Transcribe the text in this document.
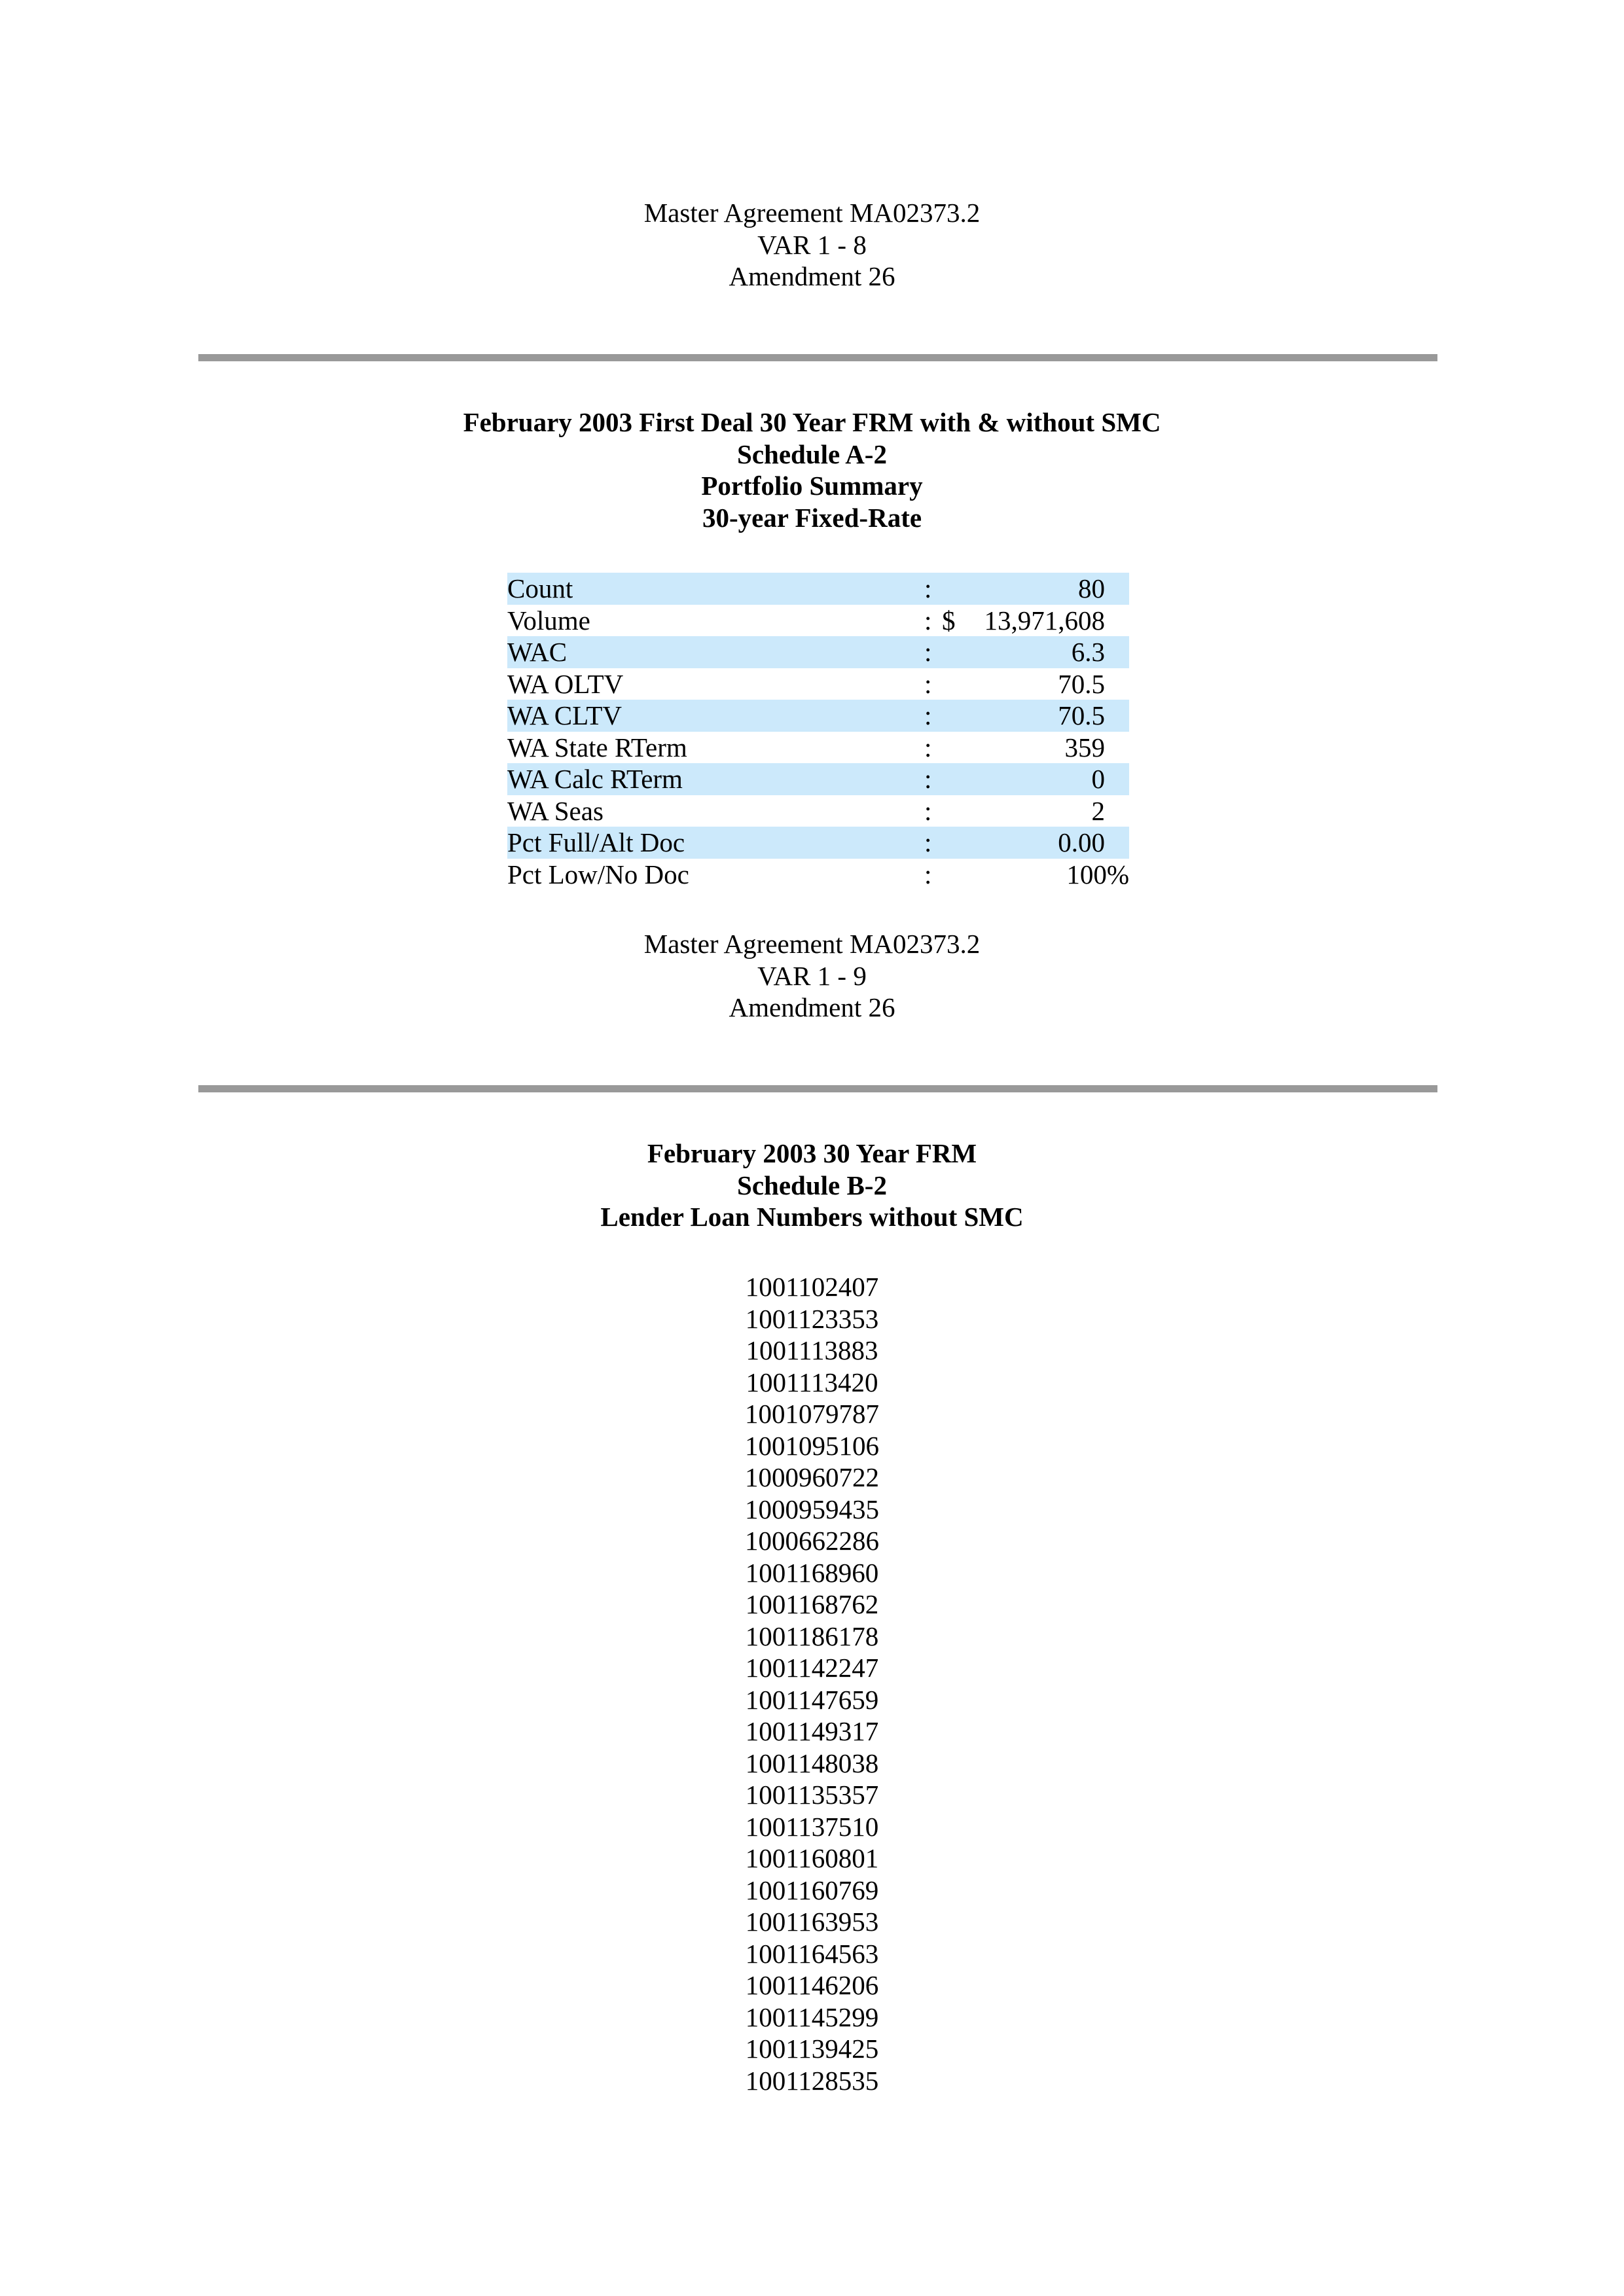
Master Agreement MA02373.2
VAR 1 - 8
Amendment 26
February 2003 First Deal 30 Year FRM with & without SMC
Schedule A-2
Portfolio Summary
30-year Fixed-Rate
Count	:	80
Volume	: $ 13,971,608
WAC	:	6.3
WA OLTV	:	70.5
WA CLTV	:	70.5
WA State RTerm	:	359
WA Calc RTerm	:	0
WA Seas	:	2
Pct Full/Alt Doc	:	0.00
Pct Low/No Doc	:	100%
Master Agreement MA02373.2
VAR 1 - 9
Amendment 26
February 2003 30 Year FRM
Schedule B-2
Lender Loan Numbers without SMC
1001102407
1001123353
1001113883
1001113420
1001079787
1001095106
1000960722
1000959435
1000662286
1001168960
1001168762
1001186178
1001142247
1001147659
1001149317
1001148038
1001135357
1001137510
1001160801
1001160769
1001163953
1001164563
1001146206
1001145299
1001139425
1001128535
